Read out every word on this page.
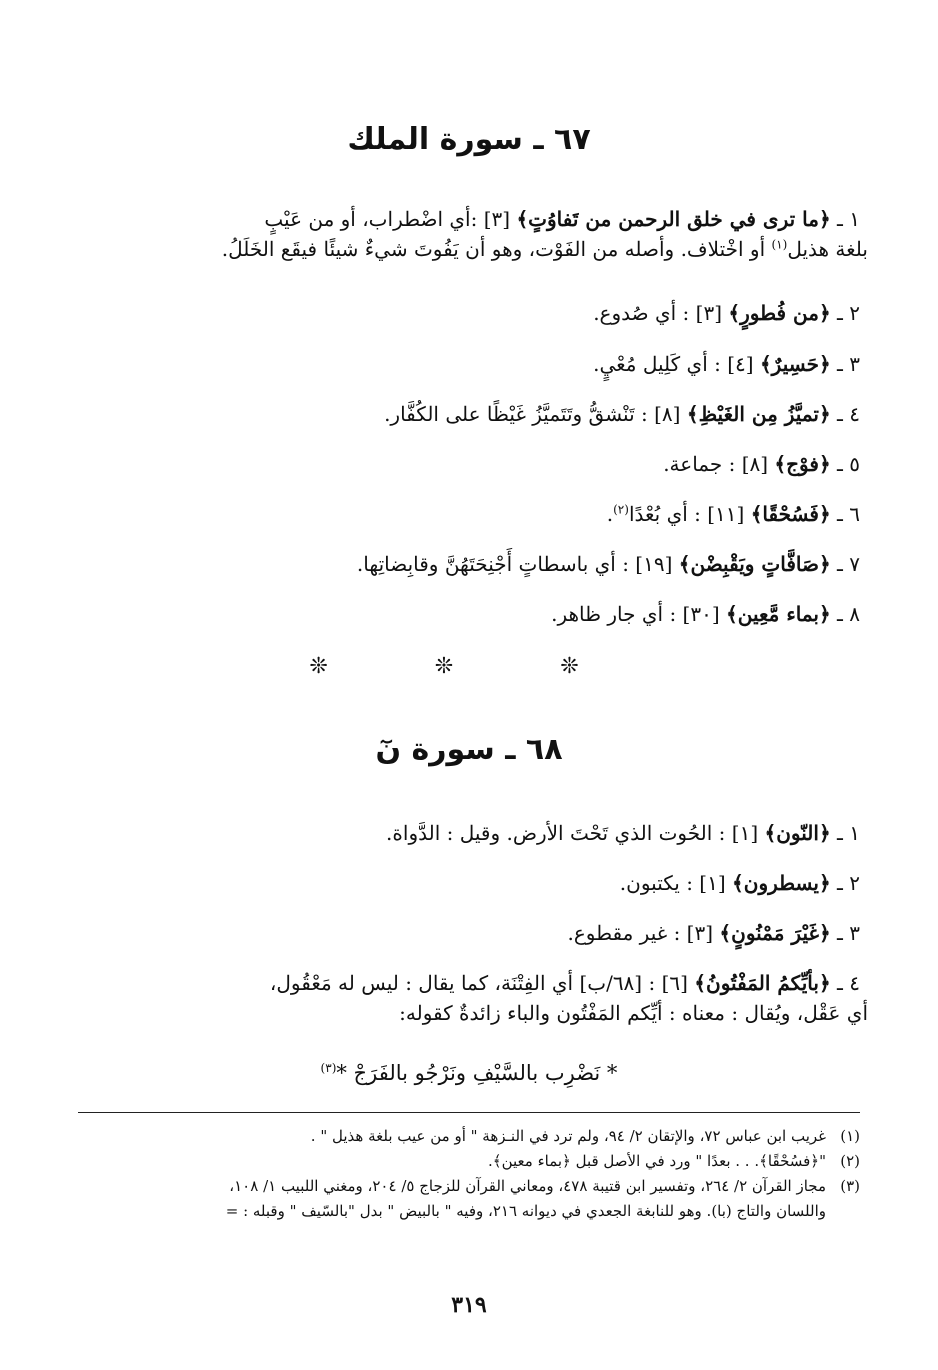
٦٧ ـ سورة الملك
١ ـ ﴿ما ترى في خلق الرحمن من تَفاوُتٍ﴾ [٣] :أي اضْطراب، أو من عَيْبٍ
بلغة هذيل$^{(١)}$ أو اخْتلاف. وأصله من الفَوْت، وهو أن يَفُوتَ شيءٌ شيئًا فيقَع الخَلَلُ.
٢ ـ ﴿من فُطورٍ﴾ [٣] : أي صُدوع.
٣ ـ ﴿حَسِيرٌ﴾ [٤] : أي كَلِيل مُعْيٍ.
٤ ـ ﴿تميَّزُ مِن الغَيْظِ﴾ [٨] : تَنْشقُّ وتَتَميَّزُ غَيْظًا على الكُفَّار.
٥ ـ ﴿فوْج﴾ [٨] : جماعة.
٦ ـ ﴿فَسُحْقًا﴾ [١١] : أي بُعْدًا$^{(٢)}$.
٧ ـ ﴿صَافَّاتٍ ويَقْبِضْن﴾ [١٩] : أي باسطاتٍ أَجْنِحَتَهُنَّ وقابِضاتِها.
٨ ـ ﴿بماء مَّعِين﴾ [٣٠] : أي جار ظاهر.
❊ ❊ ❊
٦٨ ـ سورة نٓ
١ ـ ﴿النّون﴾ [١] : الحُوت الذي تَحْتَ الأرض. وقيل : الدَّواة.
٢ ـ ﴿يسطرون﴾ [١] : يكتبون.
٣ ـ ﴿غَيْرَ مَمْنُونٍ﴾ [٣] : غير مقطوع.
٤ ـ ﴿بأيِّكمُ المَفْتُونُ﴾ [٦] : [٦٨/ب] أي الفِتْنَة، كما يقال : ليس له مَعْقُول،
أي عَقْل، ويُقال : معناه : أيِّكم المَفْتُون والباء زائدةٌ كقوله:
* نَضْرِب بالسَّيْفِ ونَرْجُو بالفَرَجْ *$^{(٣)}$
(١)غريب ابن عباس ٧٢، والإتقان ٢/ ٩٤، ولم ترد في النـزهة " أو من عيب بلغة هذيل " .
(٢)"﴿فسُحْقًا﴾. . . بعدًا " ورد في الأصل قبل ﴿بماء معين﴾.
(٣)مجاز القرآن ٢/ ٢٦٤، وتفسير ابن قتيبة ٤٧٨، ومعاني القرآن للزجاج ٥/ ٢٠٤، ومغني اللبيب ١/ ١٠٨،
واللسان والتاج (با). وهو للنابغة الجعدي في ديوانه ٢١٦، وفيه " بالبيض " بدل "بالسّيف " وقبله : =
٣١٩
